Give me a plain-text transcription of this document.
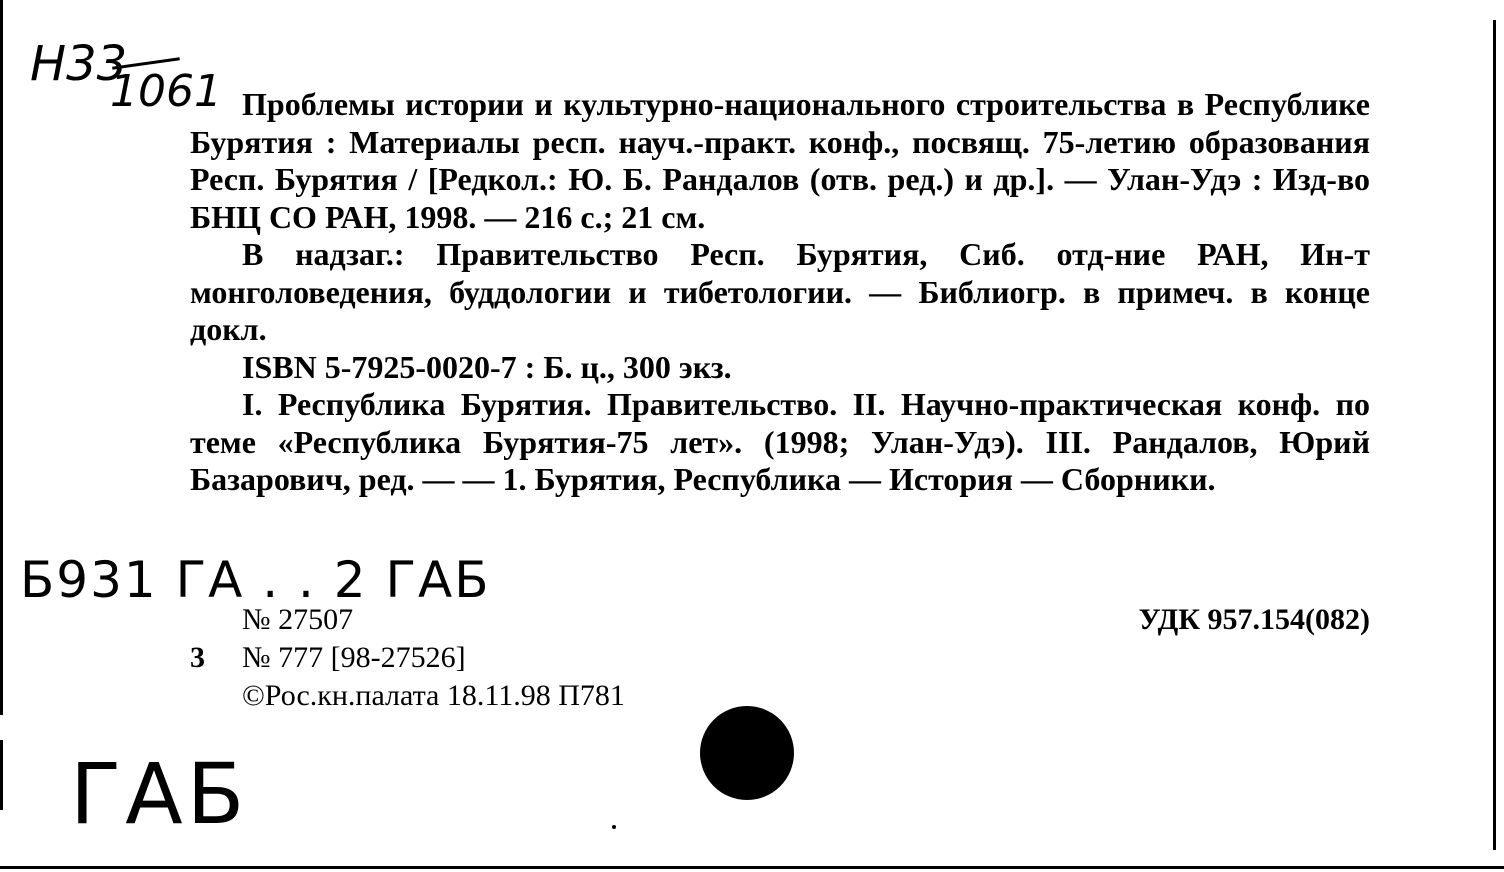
Н33
1061 Проблемы истории и культурно-национального строительства в Республике Бурятия : Материалы респ. науч.-практ. конф., посвящ. 75-летию образования Респ. Бурятия / [Редкол.: Ю. Б. Рандалов (отв. ред.) и др.]. — Улан-Удэ : Изд-во БНЦ СО РАН, 1998. — 216 с.; 21 см.

В надзаг.: Правительство Респ. Бурятия, Сиб. отд-ние РАН, Ин-т монголоведения, буддологии и тибетологии. — Библиогр. в примеч. в конце докл.

ISBN 5-7925-0020-7 : Б. ц., 300 экз.

I. Республика Бурятия. Правительство. II. Научно-практическая конф. по теме «Республика Бурятия-75 лет». (1998; Улан-Удэ). III. Рандалов, Юрий Базарович, ред. — — 1. Бурятия, Республика — История — Сборники.

Б931 ГА . . 2 ГАБ
№ 27507	УДК 957.154(082)
3 № 777 [98-27526]
©Рос.кн.палата 18.11.98 П781
ГАБ
